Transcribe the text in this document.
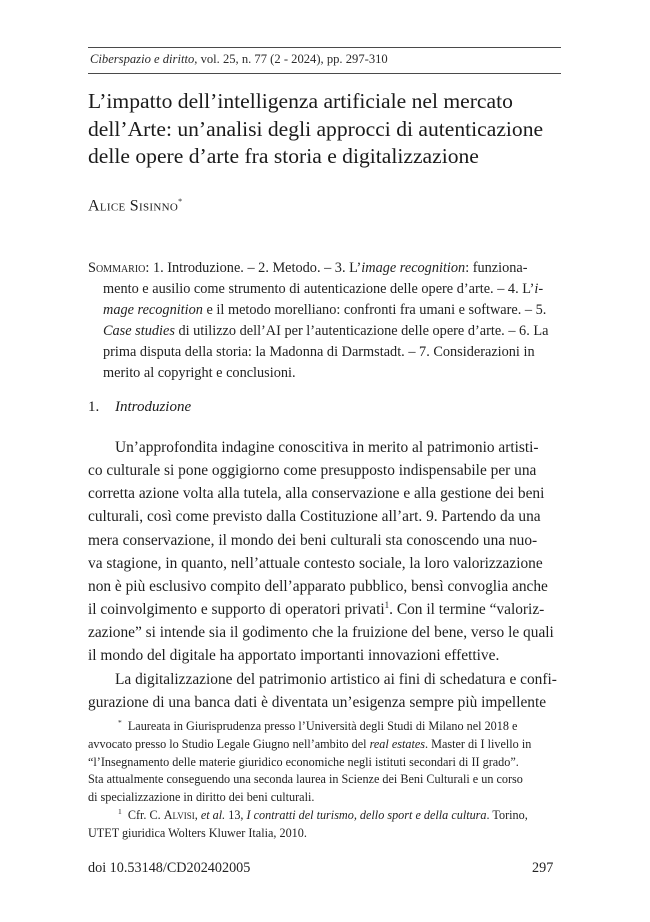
Ciberspazio e diritto, vol. 25, n. 77 (2 - 2024), pp. 297-310
L’impatto dell’intelligenza artificiale nel mercato
dell’Arte: un’analisi degli approcci di autenticazione
delle opere d’arte fra storia e digitalizzazione
Alice Sisinno*
Sommario: 1. Introduzione. – 2. Metodo. – 3. L’image recognition: funziona-
mento e ausilio come strumento di autenticazione delle opere d’arte. – 4. L’i-
mage recognition e il metodo morelliano: confronti fra umani e software. – 5.
Case studies di utilizzo dell’AI per l’autenticazione delle opere d’arte. – 6. La
prima disputa della storia: la Madonna di Darmstadt. – 7. Considerazioni in
merito al copyright e conclusioni.
1. Introduzione
Un’approfondita indagine conoscitiva in merito al patrimonio artisti-
co culturale si pone oggigiorno come presupposto indispensabile per una
corretta azione volta alla tutela, alla conservazione e alla gestione dei beni
culturali, così come previsto dalla Costituzione all’art. 9. Partendo da una
mera conservazione, il mondo dei beni culturali sta conoscendo una nuo-
va stagione, in quanto, nell’attuale contesto sociale, la loro valorizzazione
non è più esclusivo compito dell’apparato pubblico, bensì convoglia anche
il coinvolgimento e supporto di operatori privati$^1$. Con il termine “valoriz-
zazione” si intende sia il godimento che la fruizione del bene, verso le quali
il mondo del digitale ha apportato importanti innovazioni effettive.
La digitalizzazione del patrimonio artistico ai fini di schedatura e confi-
gurazione di una banca dati è diventata un’esigenza sempre più impellente
* Laureata in Giurisprudenza presso l’Università degli Studi di Milano nel 2018 e
avvocato presso lo Studio Legale Giugno nell’ambito del real estates. Master di I livello in
“l’Insegnamento delle materie giuridico economiche negli istituti secondari di II grado”.
Sta attualmente conseguendo una seconda laurea in Scienze dei Beni Culturali e un corso
di specializzazione in diritto dei beni culturali.
$^1$ Cfr. C. Alvisi, et al. 13, I contratti del turismo, dello sport e della cultura. Torino,
UTET giuridica Wolters Kluwer Italia, 2010.
doi 10.53148/CD202402005	297
